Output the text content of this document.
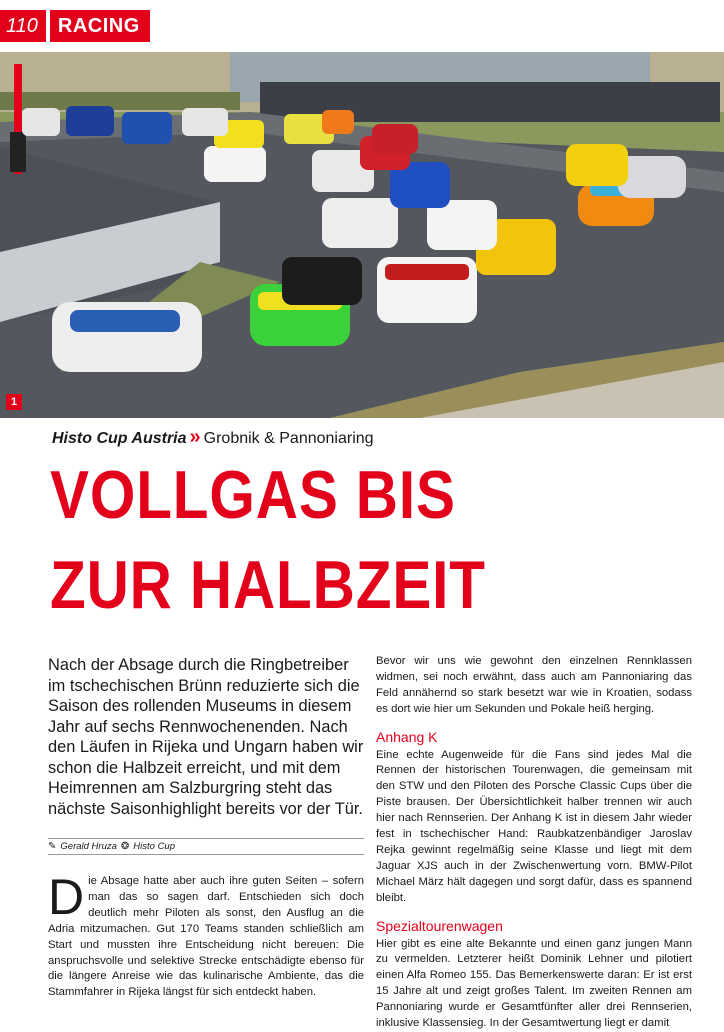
110	RACING
1
Histo Cup Austria » Grobnik & Pannoniaring
VOLLGAS BIS
ZUR HALBZEIT
Nach der Absage durch die Ringbetreiber im tschechischen Brünn reduzierte sich die Saison des rollenden Museums in diesem Jahr auf sechs Rennwochenenden. Nach den Läufen in Rijeka und Ungarn haben wir schon die Halbzeit erreicht, und mit dem Heimrennen am Salzburgring steht das nächste Saisonhighlight bereits vor der Tür.
✎ Gerald Hruza ❂ Histo Cup
Die Absage hatte aber auch ihre guten Seiten – sofern man das so sagen darf. Entschieden sich doch deutlich mehr Piloten als sonst, den Ausflug an die Adria mitzumachen. Gut 170 Teams standen schließlich am Start und mussten ihre Entscheidung nicht bereuen: Die anspruchsvolle und selektive Strecke entschädigte ebenso für die längere Anreise wie das kulinarische Ambiente, das die Stammfahrer in Rijeka längst für sich entdeckt haben.

Bevor wir uns wie gewohnt den einzelnen Rennklassen widmen, sei noch erwähnt, dass auch am Pannoniaring das Feld annähernd so stark besetzt war wie in Kroatien, sodass es dort wie hier um Sekunden und Pokale heiß herging.

Anhang K

Eine echte Augenweide für die Fans sind jedes Mal die Rennen der historischen Tourenwagen, die gemeinsam mit den STW und den Piloten des Porsche Classic Cups über die Piste brausen. Der Übersichtlichkeit halber trennen wir auch hier nach Rennserien. Der Anhang K ist in diesem Jahr wieder fest in tschechischer Hand: Raubkatzenbändiger Jaroslav Rejka gewinnt regelmäßig seine Klasse und liegt mit dem Jaguar XJS auch in der Zwischenwertung vorn. BMW-Pilot Michael März hält dagegen und sorgt dafür, dass es spannend bleibt.

Spezialtourenwagen

Hier gibt es eine alte Bekannte und einen ganz jungen Mann zu vermelden. Letzterer heißt Dominik Lehner und pilotiert einen Alfa Romeo 155. Das Bemerkenswerte daran: Er ist erst 15 Jahre alt und zeigt großes Talent. Im zweiten Rennen am Pannoniaring wurde er Gesamtfünfter aller drei Rennserien, inklusive Klassensieg. In der Gesamtwertung liegt er damit
